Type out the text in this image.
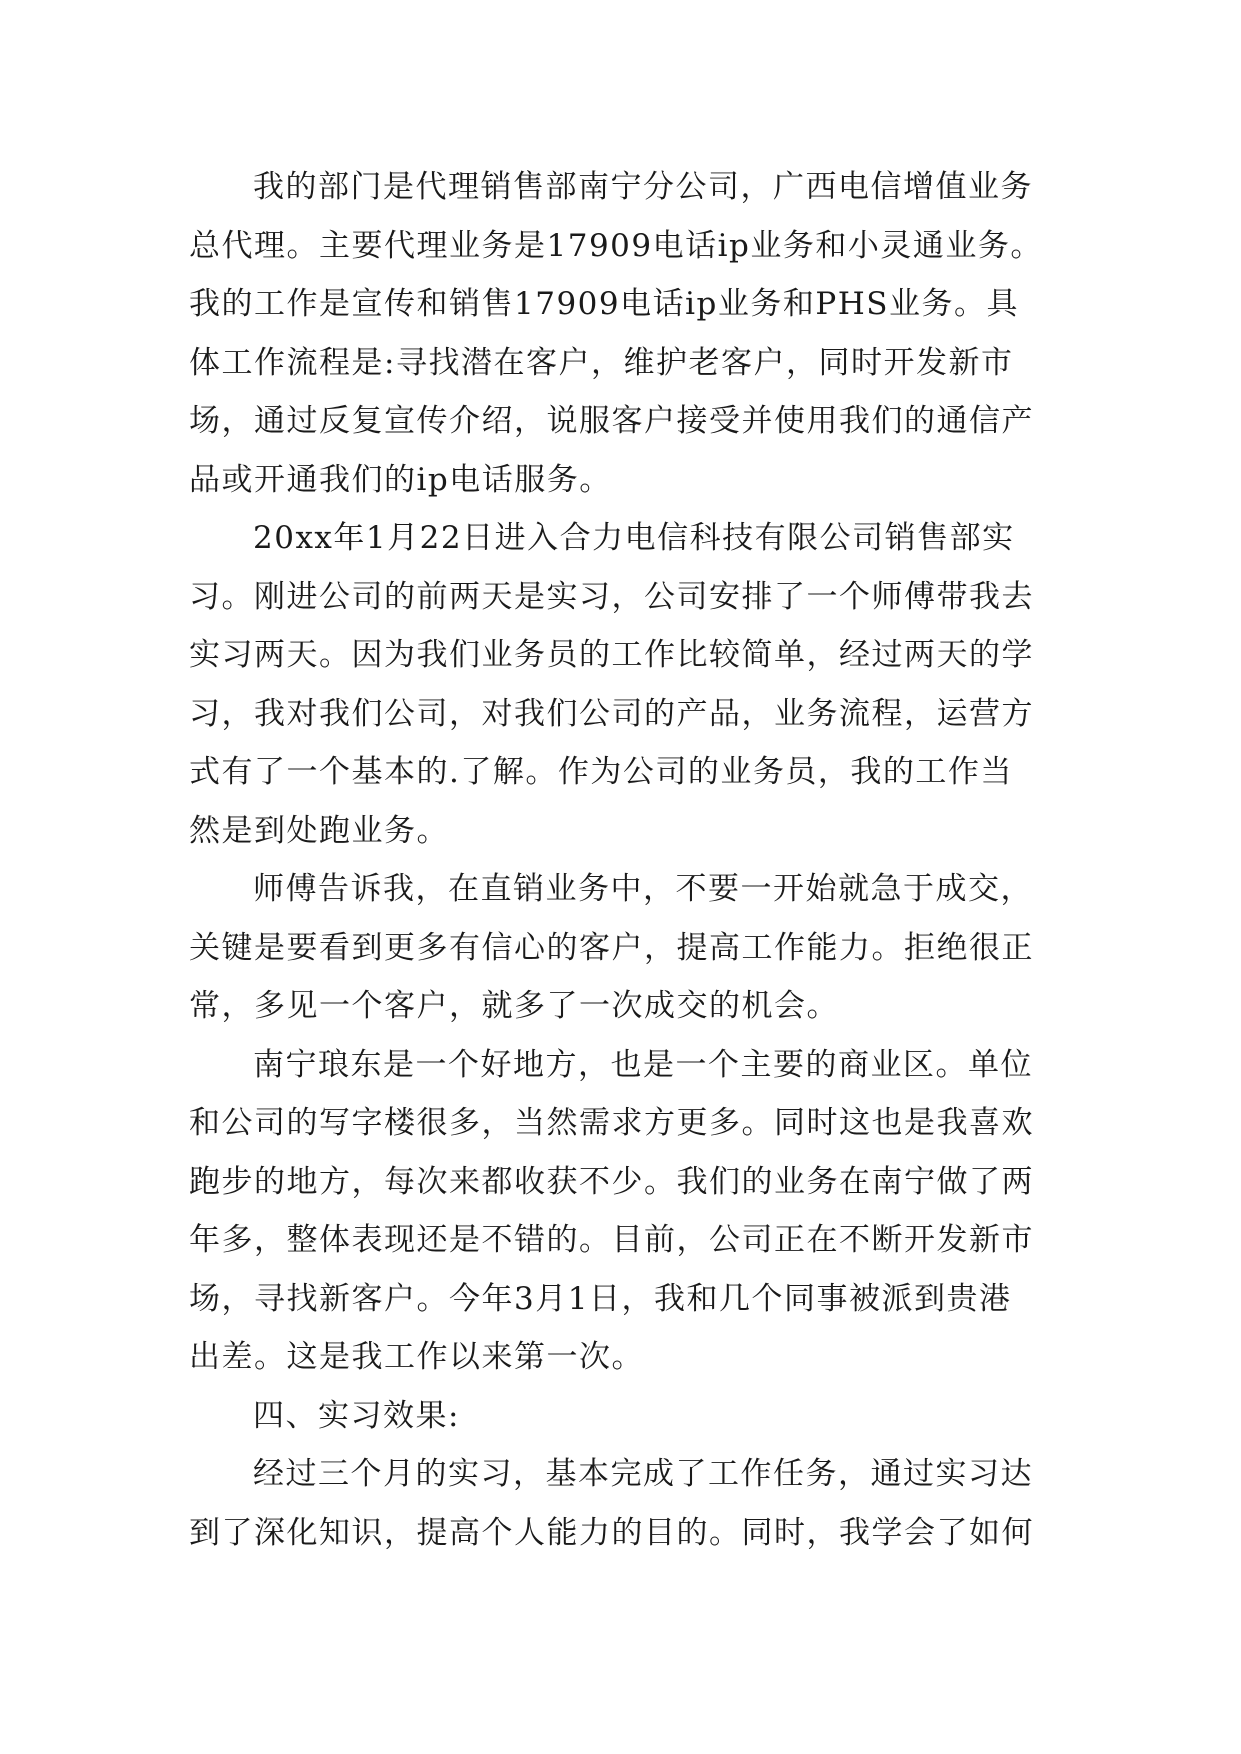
我的部门是代理销售部南宁分公司，广西电信增值业务
总代理。主要代理业务是17909电话ip业务和小灵通业务。
我的工作是宣传和销售17909电话ip业务和PHS业务。具
体工作流程是:寻找潜在客户，维护老客户，同时开发新市
场，通过反复宣传介绍，说服客户接受并使用我们的通信产
品或开通我们的ip电话服务。
20xx年1月22日进入合力电信科技有限公司销售部实
习。刚进公司的前两天是实习，公司安排了一个师傅带我去
实习两天。因为我们业务员的工作比较简单，经过两天的学
习，我对我们公司，对我们公司的产品，业务流程，运营方
式有了一个基本的.了解。作为公司的业务员，我的工作当
然是到处跑业务。
师傅告诉我，在直销业务中，不要一开始就急于成交，
关键是要看到更多有信心的客户，提高工作能力。拒绝很正
常，多见一个客户，就多了一次成交的机会。
南宁琅东是一个好地方，也是一个主要的商业区。单位
和公司的写字楼很多，当然需求方更多。同时这也是我喜欢
跑步的地方，每次来都收获不少。我们的业务在南宁做了两
年多，整体表现还是不错的。目前，公司正在不断开发新市
场，寻找新客户。今年3月1日，我和几个同事被派到贵港
出差。这是我工作以来第一次。
四、实习效果:
经过三个月的实习，基本完成了工作任务，通过实习达
到了深化知识，提高个人能力的目的。同时，我学会了如何
